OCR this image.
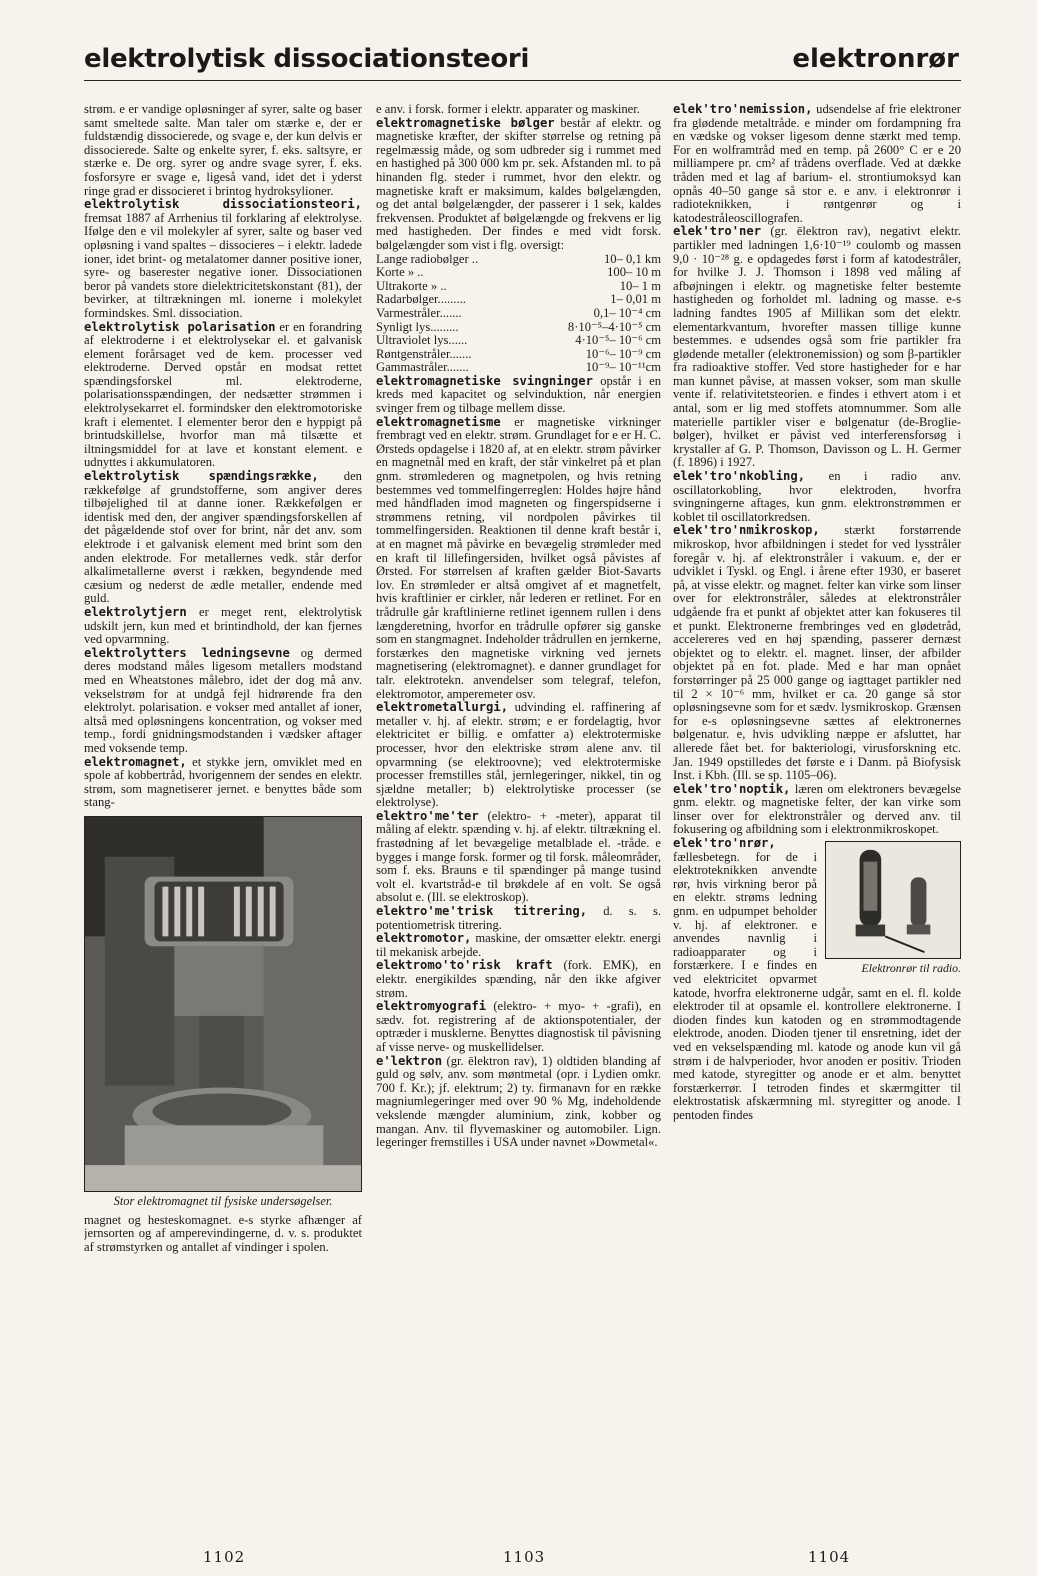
elektrolytisk dissociationsteori	elektronrør

strøm. e er vandige opløsninger af syrer, salte og baser samt smeltede salte. Man taler om stærke e, der er fuldstændig dissocierede, og svage e, der kun delvis er dissocierede. Salte og enkelte syrer, f. eks. saltsyre, er stærke e. De org. syrer og andre svage syrer, f. eks. fosforsyre er svage e, ligeså vand, idet det i yderst ringe grad er dissocieret i brintog hydroksylioner.

elektrolytisk dissociationsteori, fremsat 1887 af Arrhenius til forklaring af elektrolyse. Ifølge den e vil molekyler af syrer, salte og baser ved opløsning i vand spaltes – dissocieres – i elektr. ladede ioner, idet brint- og metalatomer danner positive ioner, syre- og baserester negative ioner. Dissociationen beror på vandets store dielektricitetskonstant (81), der bevirker, at tiltrækningen ml. ionerne i molekylet formindskes. Sml. dissociation.

elektrolytisk polarisation er en forandring af elektroderne i et elektrolysekar el. et galvanisk element forårsaget ved de kem. processer ved elektroderne. Derved opstår en modsat rettet spændingsforskel ml. elektroderne, polarisationsspændingen, der nedsætter strømmen i elektrolysekarret el. formindsker den elektromotoriske kraft i elementet. I elementer beror den e hyppigt på brintudskillelse, hvorfor man må tilsætte et iltningsmiddel for at lave et konstant element. e udnyttes i akkumulatoren.

elektrolytisk spændingsrække, den rækkefølge af grundstofferne, som angiver deres tilbøjelighed til at danne ioner. Rækkefølgen er identisk med den, der angiver spændingsforskellen af det pågældende stof over for brint, når det anv. som elektrode i et galvanisk element med brint som den anden elektrode. For metallernes vedk. står derfor alkalimetallerne øverst i rækken, begyndende med cæsium og nederst de ædle metaller, endende med guld.

elektrolytjern er meget rent, elektrolytisk udskilt jern, kun med et brintindhold, der kan fjernes ved opvarmning.

elektrolytters ledningsevne og dermed deres modstand måles ligesom metallers modstand med en Wheatstones målebro, idet der dog må anv. vekselstrøm for at undgå fejl hidrørende fra den elektrolyt. polarisation. e vokser med antallet af ioner, altså med opløsningens koncentration, og vokser med temp., fordi gnidningsmodstanden i vædsker aftager med voksende temp.

elektromagnet, et stykke jern, omviklet med en spole af kobbertråd, hvorigennem der sendes en elektr. strøm, som magnetiserer jernet. e benyttes både som stang-

Stor elektromagnet til fysiske undersøgelser.

magnet og hesteskomagnet. e-s styrke afhænger af jernsorten og af amperevindingerne, d. v. s. produktet af strømstyrken og antallet af vindinger i spolen.

e anv. i forsk. former i elektr. apparater og maskiner.

elektromagnetiske bølger består af elektr. og magnetiske kræfter, der skifter størrelse og retning på regelmæssig måde, og som udbreder sig i rummet med en hastighed på 300 000 km pr. sek. Afstanden ml. to på hinanden flg. steder i rummet, hvor den elektr. og magnetiske kraft er maksimum, kaldes bølgelængden, og det antal bølgelængder, der passerer i 1 sek, kaldes frekvensen. Produktet af bølgelængde og frekvens er lig med hastigheden. Der findes e med vidt forsk. bølgelængder som vist i flg. oversigt:

Lange radiobølger ..	10– 0,1 km
Korte » ..	100– 10 m
Ultrakorte » ..	10– 1 m
Radarbølger.........	1– 0,01 m
Varmestråler.......	0,1– 10⁻⁴ cm
Synligt lys.........	8·10⁻⁵–4·10⁻⁵ cm
Ultraviolet lys......	4·10⁻⁵– 10⁻⁶ cm
Røntgenstråler.......	10⁻⁶– 10⁻⁹ cm
Gammastråler.......	10⁻⁹– 10⁻¹¹cm

elektromagnetiske svingninger opstår i en kreds med kapacitet og selvinduktion, når energien svinger frem og tilbage mellem disse.

elektromagnetisme er magnetiske virkninger frembragt ved en elektr. strøm. Grundlaget for e er H. C. Ørsteds opdagelse i 1820 af, at en elektr. strøm påvirker en magnetnål med en kraft, der står vinkelret på et plan gnm. strømlederen og magnetpolen, og hvis retning bestemmes ved tommelfingerreglen: Holdes højre hånd med håndfladen imod magneten og fingerspidserne i strømmens retning, vil nordpolen påvirkes til tommelfingersiden. Reaktionen til denne kraft består i, at en magnet må påvirke en bevægelig strømleder med en kraft til lillefingersiden, hvilket også påvistes af Ørsted. For størrelsen af kraften gælder Biot-Savarts lov. En strømleder er altså omgivet af et magnetfelt, hvis kraftlinier er cirkler, når lederen er retlinet. For en trådrulle går kraftlinierne retlinet igennem rullen i dens længderetning, hvorfor en trådrulle opfører sig ganske som en stangmagnet. Indeholder trådrullen en jernkerne, forstærkes den magnetiske virkning ved jernets magnetisering (elektromagnet). e danner grundlaget for talr. elektrotekn. anvendelser som telegraf, telefon, elektromotor, amperemeter osv.

elektrometallurgi, udvinding el. raffinering af metaller v. hj. af elektr. strøm; e er fordelagtig, hvor elektricitet er billig. e omfatter a) elektrotermiske processer, hvor den elektriske strøm alene anv. til opvarmning (se elektroovne); ved elektrotermiske processer fremstilles stål, jernlegeringer, nikkel, tin og sjældne metaller; b) elektrolytiske processer (se elektrolyse).

elektro'me'ter (elektro- + -meter), apparat til måling af elektr. spænding v. hj. af elektr. tiltrækning el. frastødning af let bevægelige metalblade el. -tråde. e bygges i mange forsk. former og til forsk. måleområder, som f. eks. Brauns e til spændinger på mange tusind volt el. kvartstråd-e til brøkdele af en volt. Se også absolut e. (Ill. se elektroskop).

elektro'me'trisk titrering, d. s. s. potentiometrisk titrering.

elektromotor, maskine, der omsætter elektr. energi til mekanisk arbejde.

elektromo'to'risk kraft (fork. EMK), en elektr. energikildes spænding, når den ikke afgiver strøm.

elektromyografi (elektro- + myo- + -grafi), en sædv. fot. registrering af de aktionspotentialer, der optræder i musklerne. Benyttes diagnostisk til påvisning af visse nerve- og muskellidelser.

e'lektron (gr. ēlektron rav), 1) oldtiden blanding af guld og sølv, anv. som møntmetal (opr. i Lydien omkr. 700 f. Kr.); jf. elektrum; 2) ty. firmanavn for en række magniumlegeringer med over 90 % Mg, indeholdende vekslende mængder aluminium, zink, kobber og mangan. Anv. til flyvemaskiner og automobiler. Lign. legeringer fremstilles i USA under navnet »Dowmetal«.

elek'tro'nemission, udsendelse af frie elektroner fra glødende metaltråde. e minder om fordampning fra en vædske og vokser ligesom denne stærkt med temp. For en wolframtråd med en temp. på 2600° C er e 20 milliampere pr. cm² af trådens overflade. Ved at dække tråden med et lag af barium- el. strontiumoksyd kan opnås 40–50 gange så stor e. e anv. i elektronrør i radioteknikken, i røntgenrør og i katodestråleoscillografen.

elek'tro'ner (gr. ēlektron rav), negativt elektr. partikler med ladningen 1,6·10⁻¹⁹ coulomb og massen 9,0 · 10⁻²⁸ g. e opdagedes først i form af katodestråler, for hvilke J. J. Thomson i 1898 ved måling af afbøjningen i elektr. og magnetiske felter bestemte hastigheden og forholdet ml. ladning og masse. e-s ladning fandtes 1905 af Millikan som det elektr. elementarkvantum, hvorefter massen tillige kunne bestemmes. e udsendes også som frie partikler fra glødende metaller (elektronemission) og som β-partikler fra radioaktive stoffer. Ved store hastigheder for e har man kunnet påvise, at massen vokser, som man skulle vente if. relativitetsteorien. e findes i ethvert atom i et antal, som er lig med stoffets atomnummer. Som alle materielle partikler viser e bølgenatur (de-Broglie-bølger), hvilket er påvist ved interferensforsøg i krystaller af G. P. Thomson, Davisson og L. H. Germer (f. 1896) i 1927.

elek'tro'nkobling, en i radio anv. oscillatorkobling, hvor elektroden, hvorfra svingningerne aftages, kun gnm. elektronstrømmen er koblet til oscillatorkredsen.

elek'tro'nmikroskop, stærkt forstørrende mikroskop, hvor afbildningen i stedet for ved lysstråler foregår v. hj. af elektronstråler i vakuum. e, der er udviklet i Tyskl. og Engl. i årene efter 1930, er baseret på, at visse elektr. og magnet. felter kan virke som linser over for elektronstråler, således at elektronstråler udgående fra et punkt af objektet atter kan fokuseres til et punkt. Elektronerne frembringes ved en glødetråd, accelereres ved en høj spænding, passerer dernæst objektet og to elektr. el. magnet. linser, der afbilder objektet på en fot. plade. Med e har man opnået forstørringer på 25 000 gange og iagttaget partikler ned til 2 × 10⁻⁶ mm, hvilket er ca. 20 gange så stor opløsningsevne som for et sædv. lysmikroskop. Grænsen for e-s opløsningsevne sættes af elektronernes bølgenatur. e, hvis udvikling næppe er afsluttet, har allerede fået bet. for bakteriologi, virusforskning etc. Jan. 1949 opstilledes det første e i Danm. på Biofysisk Inst. i Kbh. (Ill. se sp. 1105–06).

elek'tro'noptik, læren om elektroners bevægelse gnm. elektr. og magnetiske felter, der kan virke som linser over for elektronstråler og derved anv. til fokusering og afbildning som i elektronmikroskopet.

Elektronrør til radio.

elek'tro'nrør, fællesbetegn. for de i elektroteknikken anvendte rør, hvis virkning beror på en elektr. strøms ledning gnm. en udpumpet beholder v. hj. af elektroner. e anvendes navnlig i radioapparater og i forstærkere. I e findes en ved elektricitet opvarmet katode, hvorfra elektronerne udgår, samt en el. fl. kolde elektroder til at opsamle el. kontrollere elektronerne. I dioden findes kun katoden og en strømmodtagende elektrode, anoden. Dioden tjener til ensretning, idet der ved en vekselspænding ml. katode og anode kun vil gå strøm i de halvperioder, hvor anoden er positiv. Trioden med katode, styregitter og anode er et alm. benyttet forstærkerrør. I tetroden findes et skærmgitter til elektrostatisk afskærmning ml. styregitter og anode. I pentoden findes

1102	1103	1104
